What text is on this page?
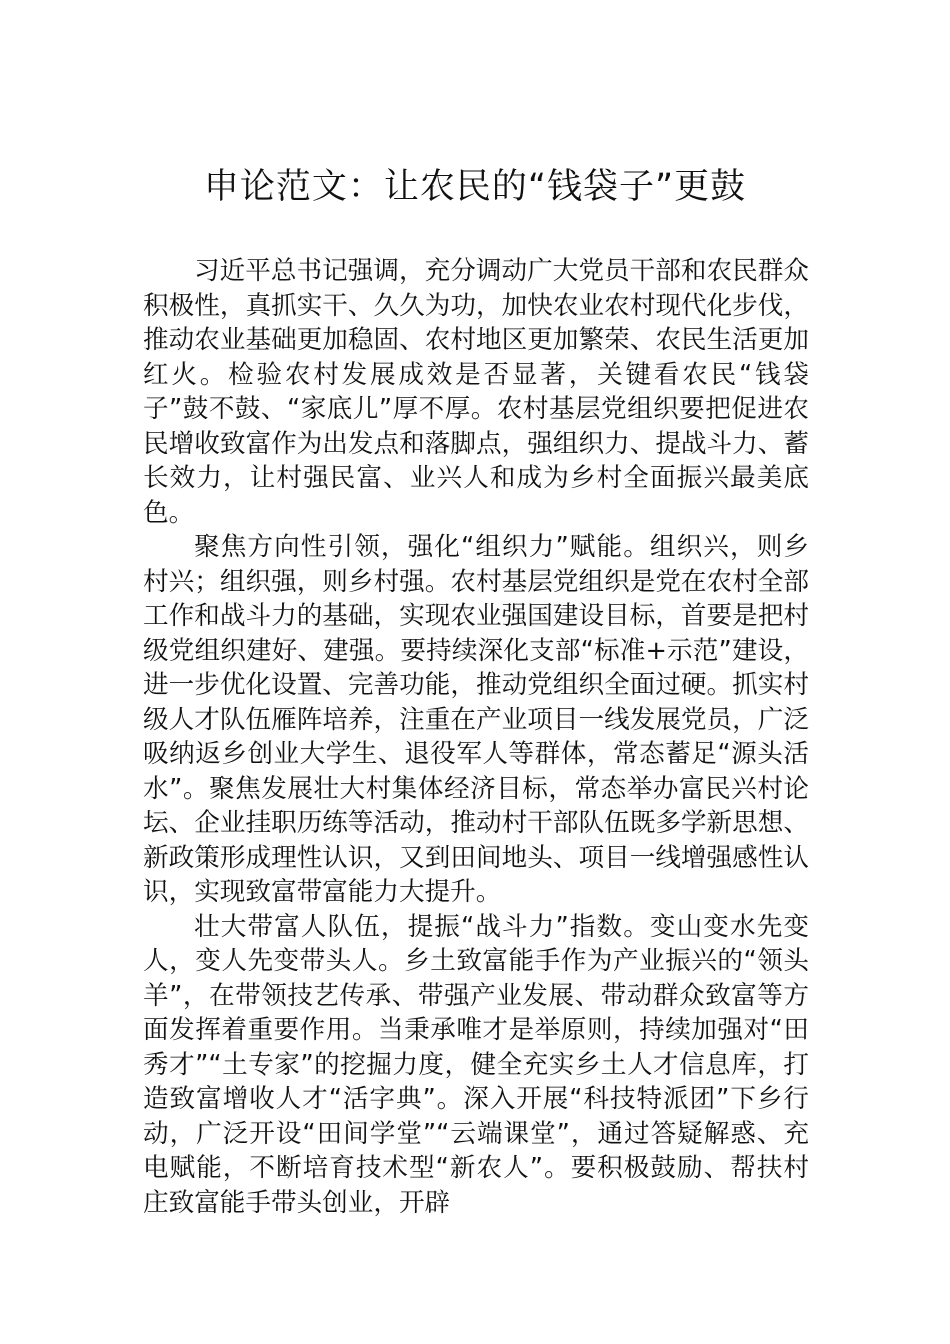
申论范文：让农民的“钱袋子”更鼓

习近平总书记强调，充分调动广大党员干部和农民群众积极性，真抓实干、久久为功，加快农业农村现代化步伐，推动农业基础更加稳固、农村地区更加繁荣、农民生活更加红火。检验农村发展成效是否显著，关键看农民“钱袋子”鼓不鼓、“家底儿”厚不厚。农村基层党组织要把促进农民增收致富作为出发点和落脚点，强组织力、提战斗力、蓄长效力，让村强民富、业兴人和成为乡村全面振兴最美底色。

聚焦方向性引领，强化“组织力”赋能。组织兴，则乡村兴；组织强，则乡村强。农村基层党组织是党在农村全部工作和战斗力的基础，实现农业强国建设目标，首要是把村级党组织建好、建强。要持续深化支部“标准+示范”建设，进一步优化设置、完善功能，推动党组织全面过硬。抓实村级人才队伍雁阵培养，注重在产业项目一线发展党员，广泛吸纳返乡创业大学生、退役军人等群体，常态蓄足“源头活水”。聚焦发展壮大村集体经济目标，常态举办富民兴村论坛、企业挂职历练等活动，推动村干部队伍既多学新思想、新政策形成理性认识，又到田间地头、项目一线增强感性认识，实现致富带富能力大提升。

壮大带富人队伍，提振“战斗力”指数。变山变水先变人，变人先变带头人。乡土致富能手作为产业振兴的“领头羊”，在带领技艺传承、带强产业发展、带动群众致富等方面发挥着重要作用。当秉承唯才是举原则，持续加强对“田秀才”“土专家”的挖掘力度，健全充实乡土人才信息库，打造致富增收人才“活字典”。深入开展“科技特派团”下乡行动，广泛开设“田间学堂”“云端课堂”，通过答疑解惑、充电赋能，不断培育技术型“新农人”。要积极鼓励、帮扶村庄致富能手带头创业，开辟
